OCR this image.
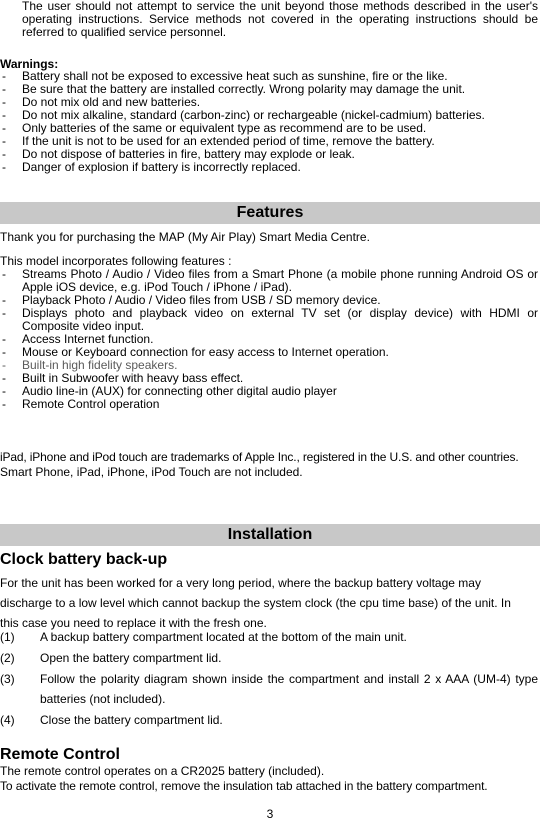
The user should not attempt to service the unit beyond those methods described in the user's operating instructions. Service methods not covered in the operating instructions should be referred to qualified service personnel.
Warnings:
- Battery shall not be exposed to excessive heat such as sunshine, fire or the like.
- Be sure that the battery are installed correctly. Wrong polarity may damage the unit.
- Do not mix old and new batteries.
- Do not mix alkaline, standard (carbon-zinc) or rechargeable (nickel-cadmium) batteries.
- Only batteries of the same or equivalent type as recommend are to be used.
- If the unit is not to be used for an extended period of time, remove the battery.
- Do not dispose of batteries in fire, battery may explode or leak.
- Danger of explosion if battery is incorrectly replaced.
Features
Thank you for purchasing the MAP (My Air Play) Smart Media Centre.
This model incorporates following features :
- Streams Photo / Audio / Video files from a Smart Phone (a mobile phone running Android OS or Apple iOS device, e.g. iPod Touch / iPhone / iPad).
- Playback Photo / Audio / Video files from USB / SD memory device.
- Displays photo and playback video on external TV set (or display device) with HDMI or Composite video input.
- Access Internet function.
- Mouse or Keyboard connection for easy access to Internet operation.
- Built-in high fidelity speakers.
- Built in Subwoofer with heavy bass effect.
- Audio line-in (AUX) for connecting other digital audio player
- Remote Control operation
iPad, iPhone and iPod touch are trademarks of Apple Inc., registered in the U.S. and other countries.
Smart Phone, iPad, iPhone, iPod Touch are not included.
Installation
Clock battery back-up
For the unit has been worked for a very long period, where the backup battery voltage may
discharge to a low level which cannot backup the system clock (the cpu time base) of the unit. In
this case you need to replace it with the fresh one.
(1) A backup battery compartment located at the bottom of the main unit.
(2) Open the battery compartment lid.
(3) Follow the polarity diagram shown inside the compartment and install 2 x AAA (UM-4) type batteries (not included).
(4) Close the battery compartment lid.
Remote Control
The remote control operates on a CR2025 battery (included).
To activate the remote control, remove the insulation tab attached in the battery compartment.
3
